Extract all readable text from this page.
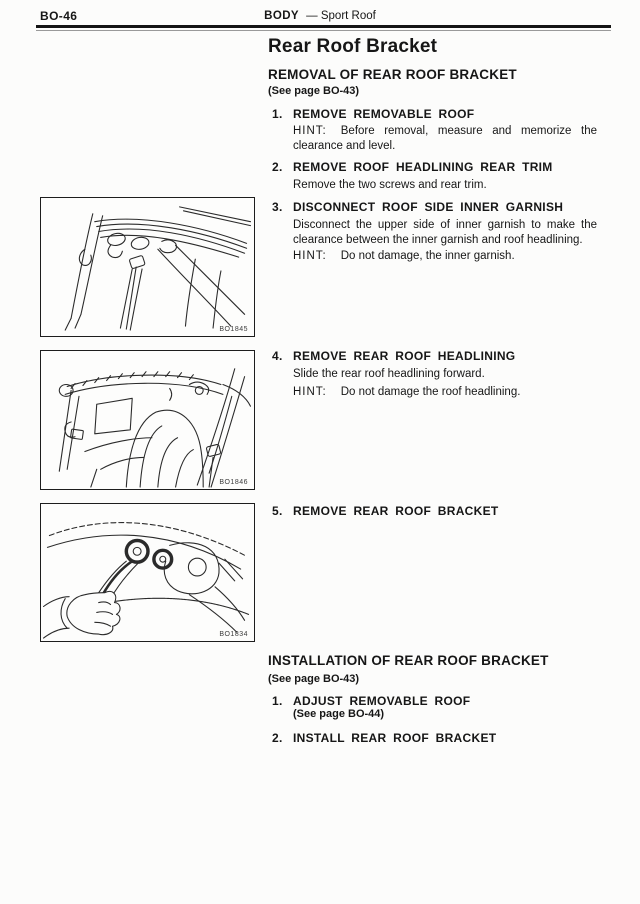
BO-46	BODY — Sport Roof
Rear Roof Bracket
REMOVAL OF REAR ROOF BRACKET
(See page BO-43)
1. REMOVE REMOVABLE ROOF
HINT: Before removal, measure and memorize the clearance and level.
2. REMOVE ROOF HEADLINING REAR TRIM
Remove the two screws and rear trim.
3. DISCONNECT ROOF SIDE INNER GARNISH
Disconnect the upper side of inner garnish to make the clearance between the inner garnish and roof headlining.
HINT: Do not damage, the inner garnish.
BO1845
4. REMOVE REAR ROOF HEADLINING
Slide the rear roof headlining forward.
HINT: Do not damage the roof headlining.
BO1846
5. REMOVE REAR ROOF BRACKET
BO1834
INSTALLATION OF REAR ROOF BRACKET
(See page BO-43)
1. ADJUST REMOVABLE ROOF
(See page BO-44)
2. INSTALL REAR ROOF BRACKET
